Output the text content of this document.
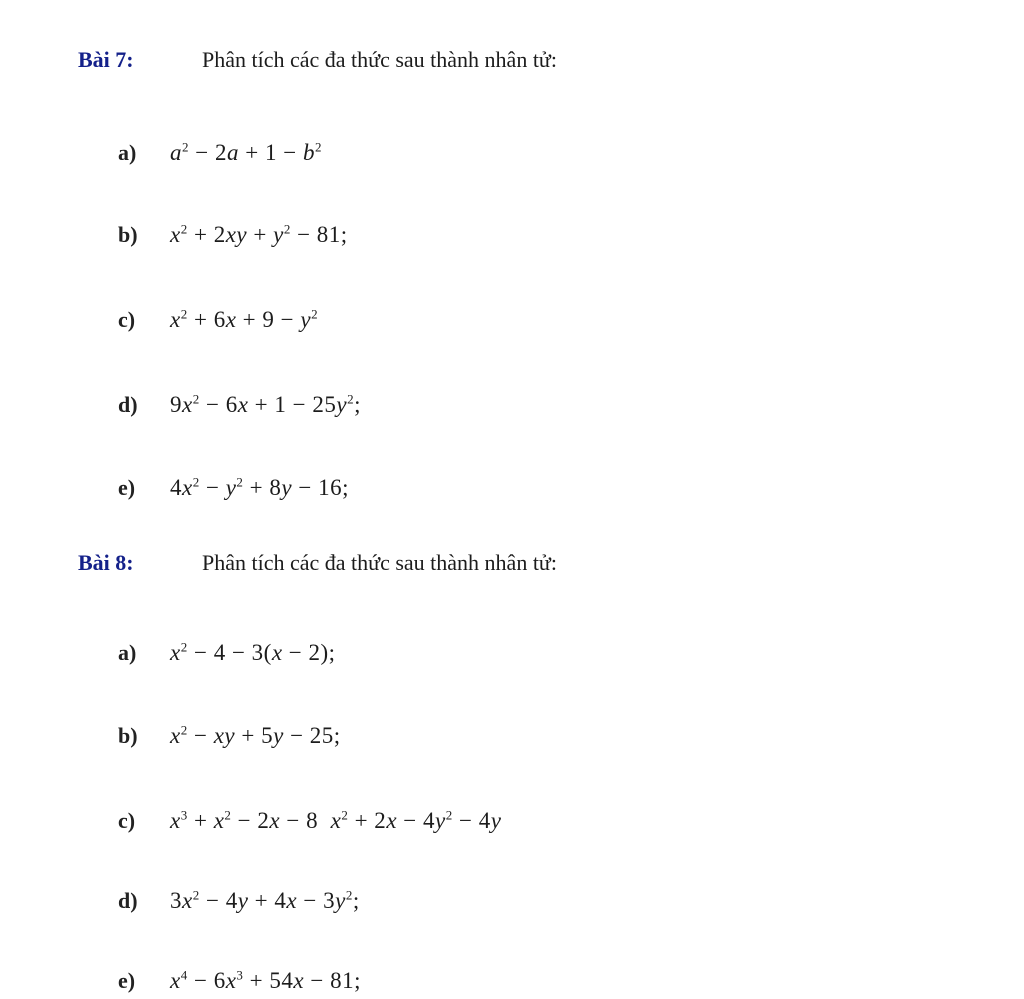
Bài 7:	Phân tích các đa thức sau thành nhân tử:
a) $a^2 - 2a + 1 - b^2$
b) $x^2 + 2xy + y^2 - 81$;
c) $x^2 + 6x + 9 - y^2$
d) $9x^2 - 6x + 1 - 25y^2$;
e) $4x^2 - y^2 + 8y - 16$;
Bài 8:	Phân tích các đa thức sau thành nhân tử:
a) $x^2 - 4 - 3(x - 2)$;
b) $x^2$ − xy + 5y − 25;
c) $x^3 + x^2 - 2x - 8$  $x^2 + 2x - 4y^2 - 4y$
d) $3x^2 - 4y + 4x - 3y^2$;
e) $x^4 - 6x^3 + 54x - 81$;
